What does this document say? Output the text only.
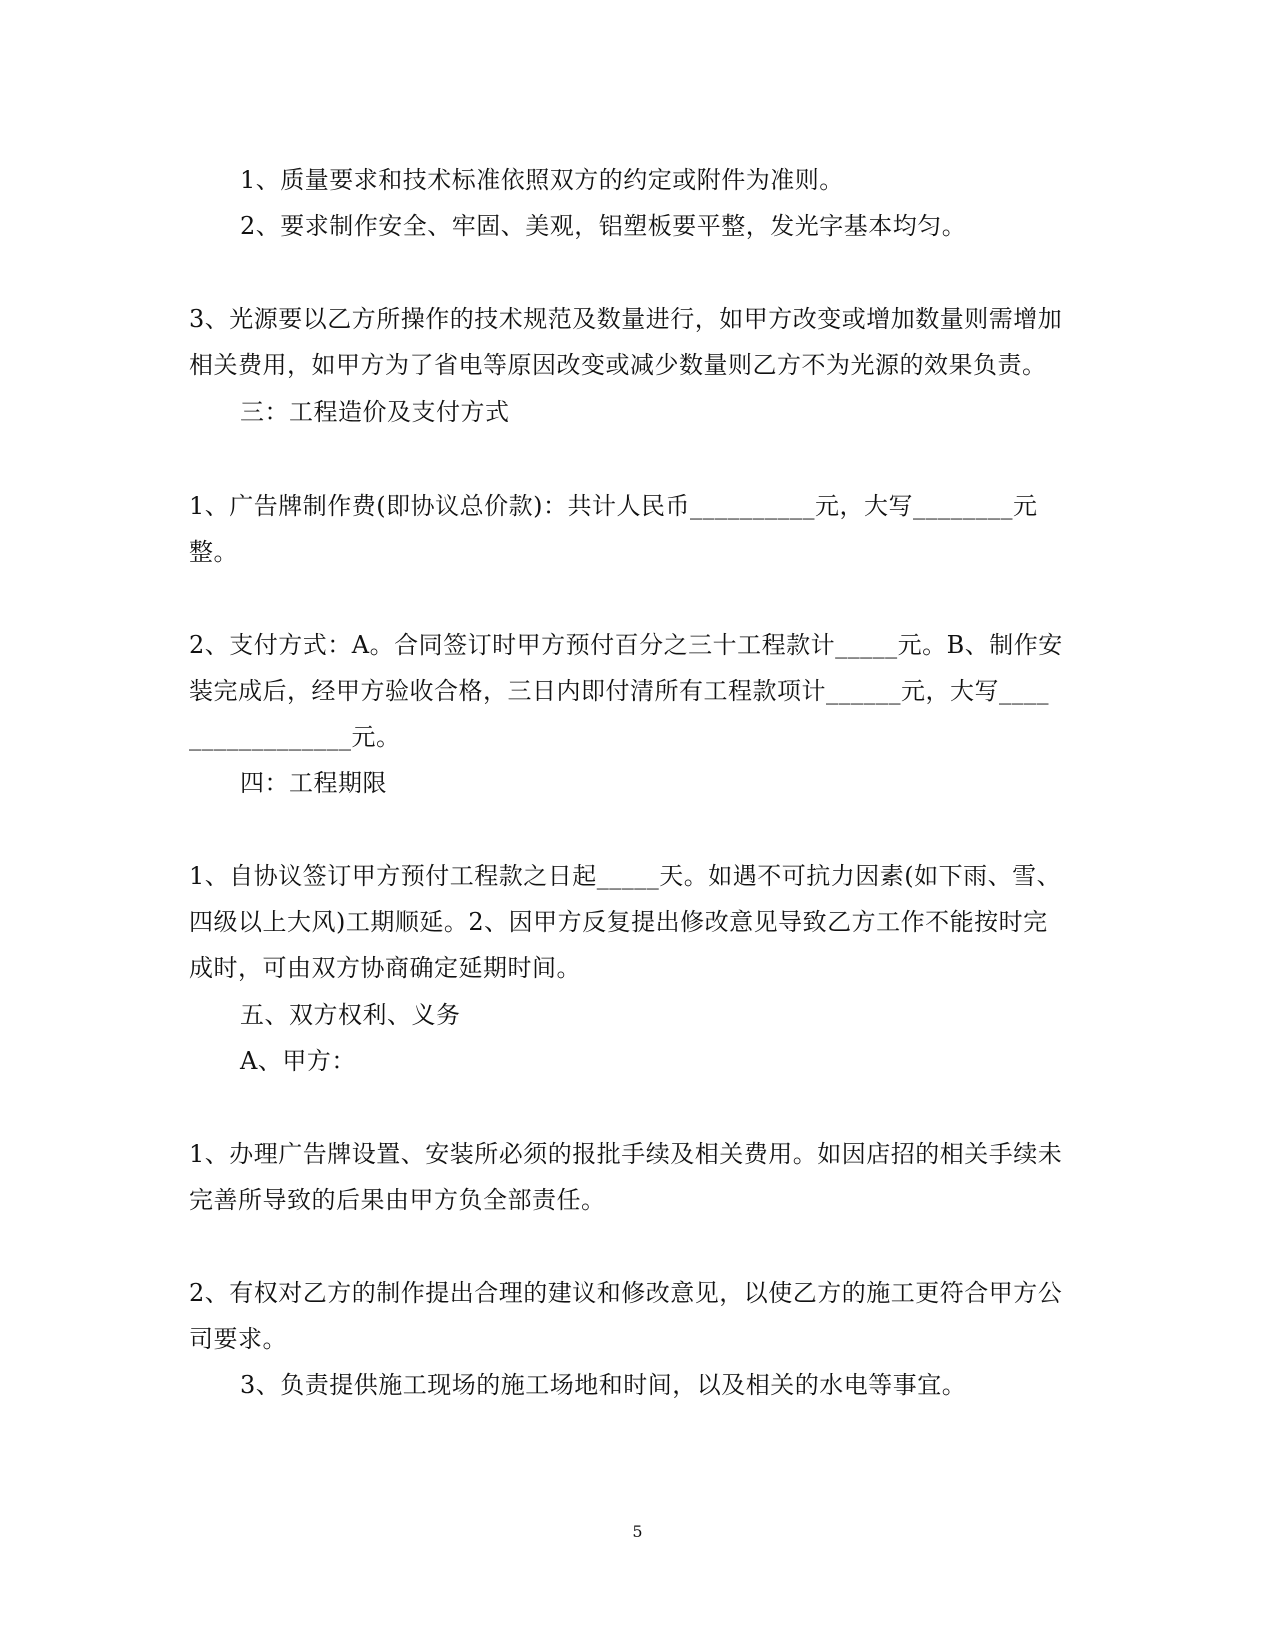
1、质量要求和技术标准依照双方的约定或附件为准则。
2、要求制作安全、牢固、美观，铝塑板要平整，发光字基本均匀。
3、光源要以乙方所操作的技术规范及数量进行，如甲方改变或增加数量则需增加
相关费用，如甲方为了省电等原因改变或减少数量则乙方不为光源的效果负责。
三：工程造价及支付方式
1、广告牌制作费(即协议总价款)：共计人民币__________元，大写________元
整。
2、支付方式：A。合同签订时甲方预付百分之三十工程款计_____元。B、制作安
装完成后，经甲方验收合格，三日内即付清所有工程款项计______元，大写____
_____________元。
四：工程期限
1、自协议签订甲方预付工程款之日起_____天。如遇不可抗力因素(如下雨、雪、
四级以上大风)工期顺延。2、因甲方反复提出修改意见导致乙方工作不能按时完
成时，可由双方协商确定延期时间。
五、双方权利、义务
A、甲方：
1、办理广告牌设置、安装所必须的报批手续及相关费用。如因店招的相关手续未
完善所导致的后果由甲方负全部责任。
2、有权对乙方的制作提出合理的建议和修改意见，以使乙方的施工更符合甲方公
司要求。
3、负责提供施工现场的施工场地和时间，以及相关的水电等事宜。
5
